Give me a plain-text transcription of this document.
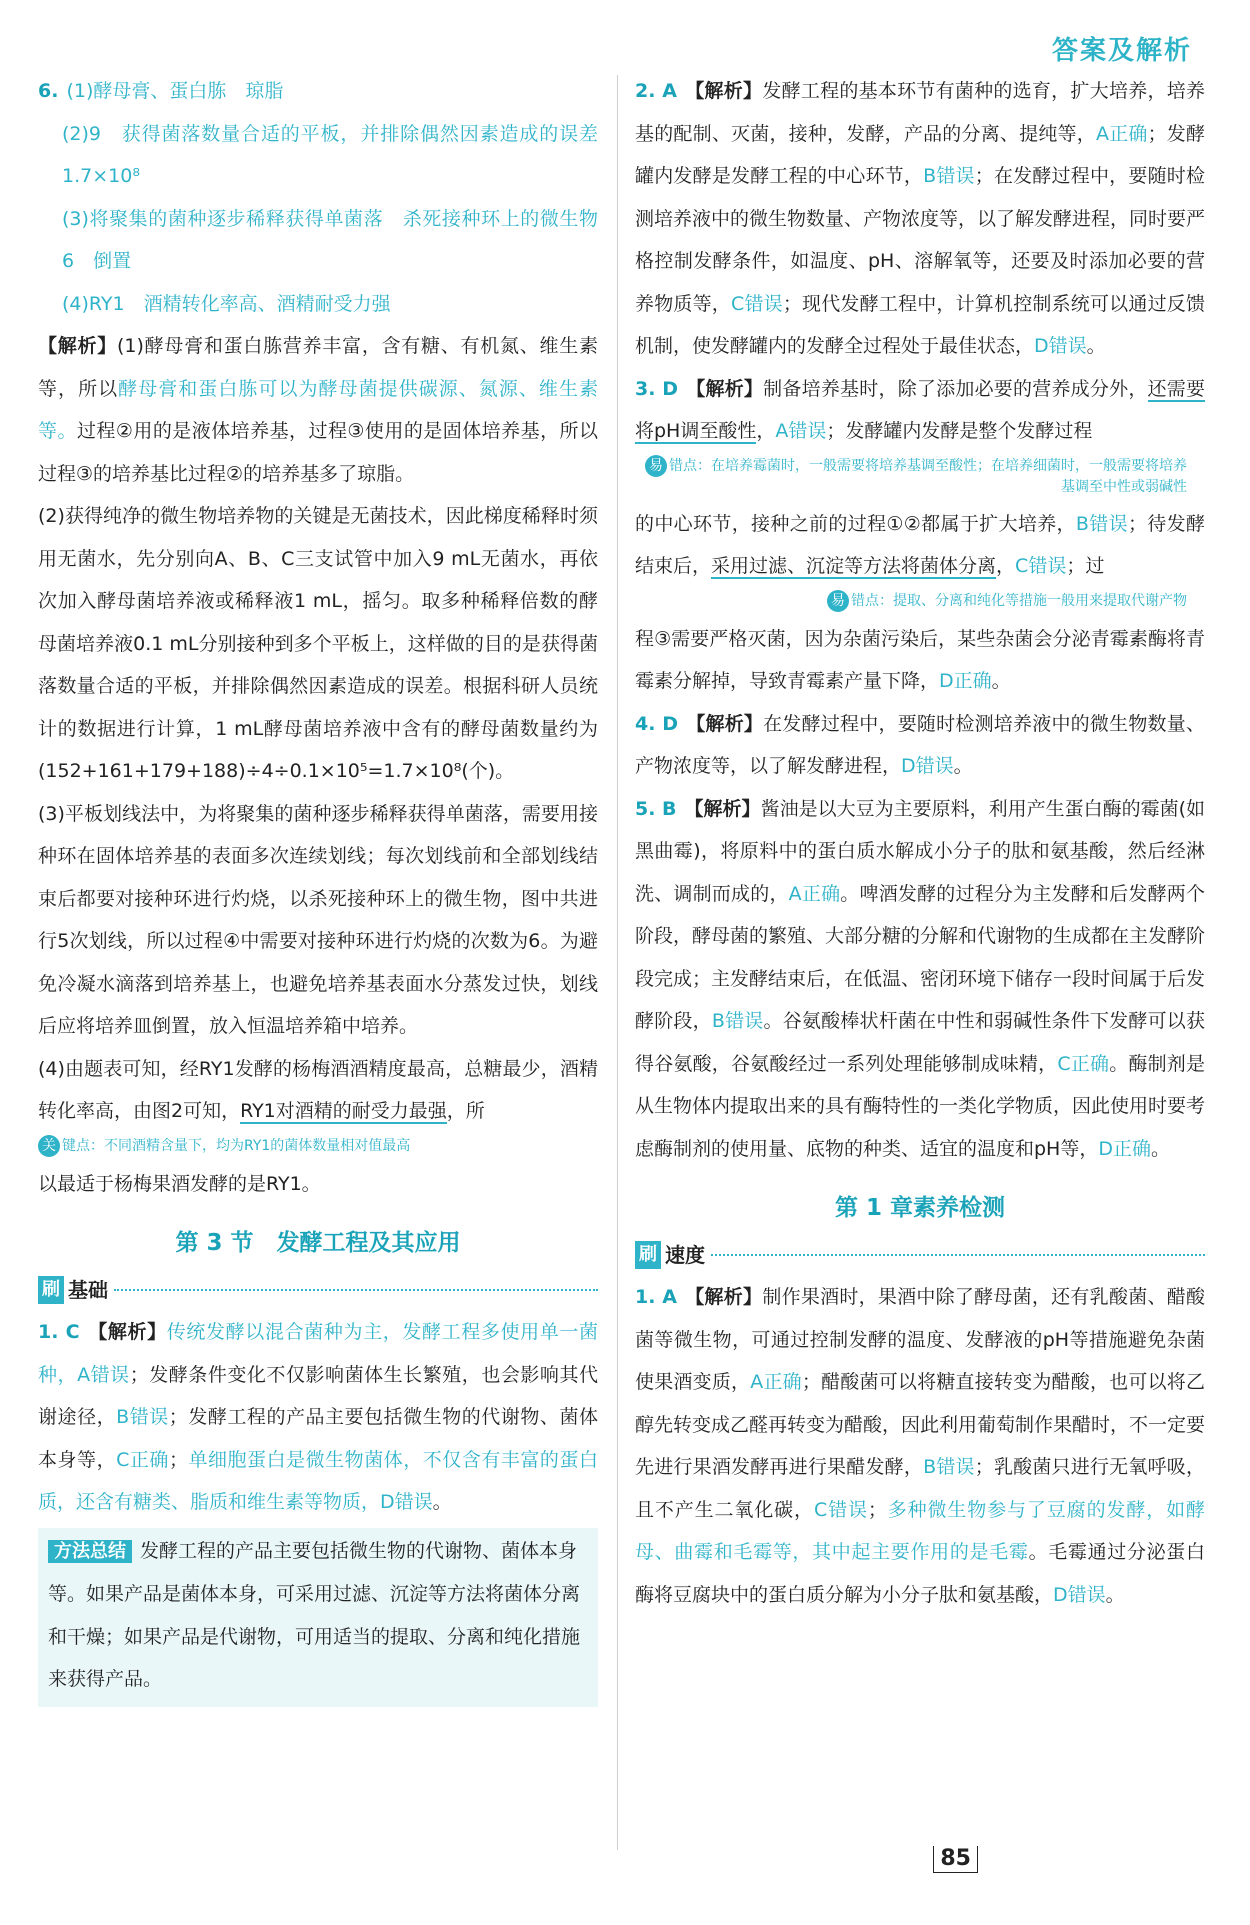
答案及解析

6. (1)酵母膏、蛋白胨　琼脂

(2)9　获得菌落数量合适的平板，并排除偶然因素造成的误差　1.7×10⁸

(3)将聚集的菌种逐步稀释获得单菌落　杀死接种环上的微生物　6　倒置

(4)RY1　酒精转化率高、酒精耐受力强

【解析】(1)酵母膏和蛋白胨营养丰富，含有糖、有机氮、维生素等，所以酵母膏和蛋白胨可以为酵母菌提供碳源、氮源、维生素等。过程②用的是液体培养基，过程③使用的是固体培养基，所以过程③的培养基比过程②的培养基多了琼脂。

(2)获得纯净的微生物培养物的关键是无菌技术，因此梯度稀释时须用无菌水，先分别向A、B、C三支试管中加入9 mL无菌水，再依次加入酵母菌培养液或稀释液1 mL，摇匀。取多种稀释倍数的酵母菌培养液0.1 mL分别接种到多个平板上，这样做的目的是获得菌落数量合适的平板，并排除偶然因素造成的误差。根据科研人员统计的数据进行计算，1 mL酵母菌培养液中含有的酵母菌数量约为(152+161+179+188)÷4÷0.1×10⁵=1.7×10⁸(个)。

(3)平板划线法中，为将聚集的菌种逐步稀释获得单菌落，需要用接种环在固体培养基的表面多次连续划线；每次划线前和全部划线结束后都要对接种环进行灼烧，以杀死接种环上的微生物，图中共进行5次划线，所以过程④中需要对接种环进行灼烧的次数为6。为避免冷凝水滴落到培养基上，也避免培养基表面水分蒸发过快，划线后应将培养皿倒置，放入恒温培养箱中培养。

(4)由题表可知，经RY1发酵的杨梅酒酒精度最高，总糖最少，酒精转化率高，由图2可知，RY1对酒精的耐受力最强，所

关 键点：不同酒精含量下，均为RY1的菌体数量相对值最高

以最适于杨梅果酒发酵的是RY1。

第 3 节　发酵工程及其应用
刷 基础

1. C 【解析】传统发酵以混合菌种为主，发酵工程多使用单一菌种，A错误；发酵条件变化不仅影响菌体生长繁殖，也会影响其代谢途径，B错误；发酵工程的产品主要包括微生物的代谢物、菌体本身等，C正确；单细胞蛋白是微生物菌体，不仅含有丰富的蛋白质，还含有糖类、脂质和维生素等物质，D错误。

方法总结 发酵工程的产品主要包括微生物的代谢物、菌体本身等。如果产品是菌体本身，可采用过滤、沉淀等方法将菌体分离和干燥；如果产品是代谢物，可用适当的提取、分离和纯化措施来获得产品。

2. A 【解析】发酵工程的基本环节有菌种的选育，扩大培养，培养基的配制、灭菌，接种，发酵，产品的分离、提纯等，A正确；发酵罐内发酵是发酵工程的中心环节，B错误；在发酵过程中，要随时检测培养液中的微生物数量、产物浓度等，以了解发酵进程，同时要严格控制发酵条件，如温度、pH、溶解氧等，还要及时添加必要的营养物质等，C错误；现代发酵工程中，计算机控制系统可以通过反馈机制，使发酵罐内的发酵全过程处于最佳状态，D错误。

3. D 【解析】制备培养基时，除了添加必要的营养成分外，还需要将pH调至酸性，A错误；发酵罐内发酵是整个发酵过程

易 错点：在培养霉菌时，一般需要将培养基调至酸性；在培养细菌时，一般需要将培养基调至中性或弱碱性

的中心环节，接种之前的过程①②都属于扩大培养，B错误；待发酵结束后，采用过滤、沉淀等方法将菌体分离，C错误；过

易 错点：提取、分离和纯化等措施一般用来提取代谢产物

程③需要严格灭菌，因为杂菌污染后，某些杂菌会分泌青霉素酶将青霉素分解掉，导致青霉素产量下降，D正确。

4. D 【解析】在发酵过程中，要随时检测培养液中的微生物数量、产物浓度等，以了解发酵进程，D错误。

5. B 【解析】酱油是以大豆为主要原料，利用产生蛋白酶的霉菌(如黑曲霉)，将原料中的蛋白质水解成小分子的肽和氨基酸，然后经淋洗、调制而成的，A正确。啤酒发酵的过程分为主发酵和后发酵两个阶段，酵母菌的繁殖、大部分糖的分解和代谢物的生成都在主发酵阶段完成；主发酵结束后，在低温、密闭环境下储存一段时间属于后发酵阶段，B错误。谷氨酸棒状杆菌在中性和弱碱性条件下发酵可以获得谷氨酸，谷氨酸经过一系列处理能够制成味精，C正确。酶制剂是从生物体内提取出来的具有酶特性的一类化学物质，因此使用时要考虑酶制剂的使用量、底物的种类、适宜的温度和pH等，D正确。

第 1 章素养检测
刷 速度

1. A 【解析】制作果酒时，果酒中除了酵母菌，还有乳酸菌、醋酸菌等微生物，可通过控制发酵的温度、发酵液的pH等措施避免杂菌使果酒变质，A正确；醋酸菌可以将糖直接转变为醋酸，也可以将乙醇先转变成乙醛再转变为醋酸，因此利用葡萄制作果醋时，不一定要先进行果酒发酵再进行果醋发酵，B错误；乳酸菌只进行无氧呼吸，且不产生二氧化碳，C错误；多种微生物参与了豆腐的发酵，如酵母、曲霉和毛霉等，其中起主要作用的是毛霉。毛霉通过分泌蛋白酶将豆腐块中的蛋白质分解为小分子肽和氨基酸，D错误。

85
